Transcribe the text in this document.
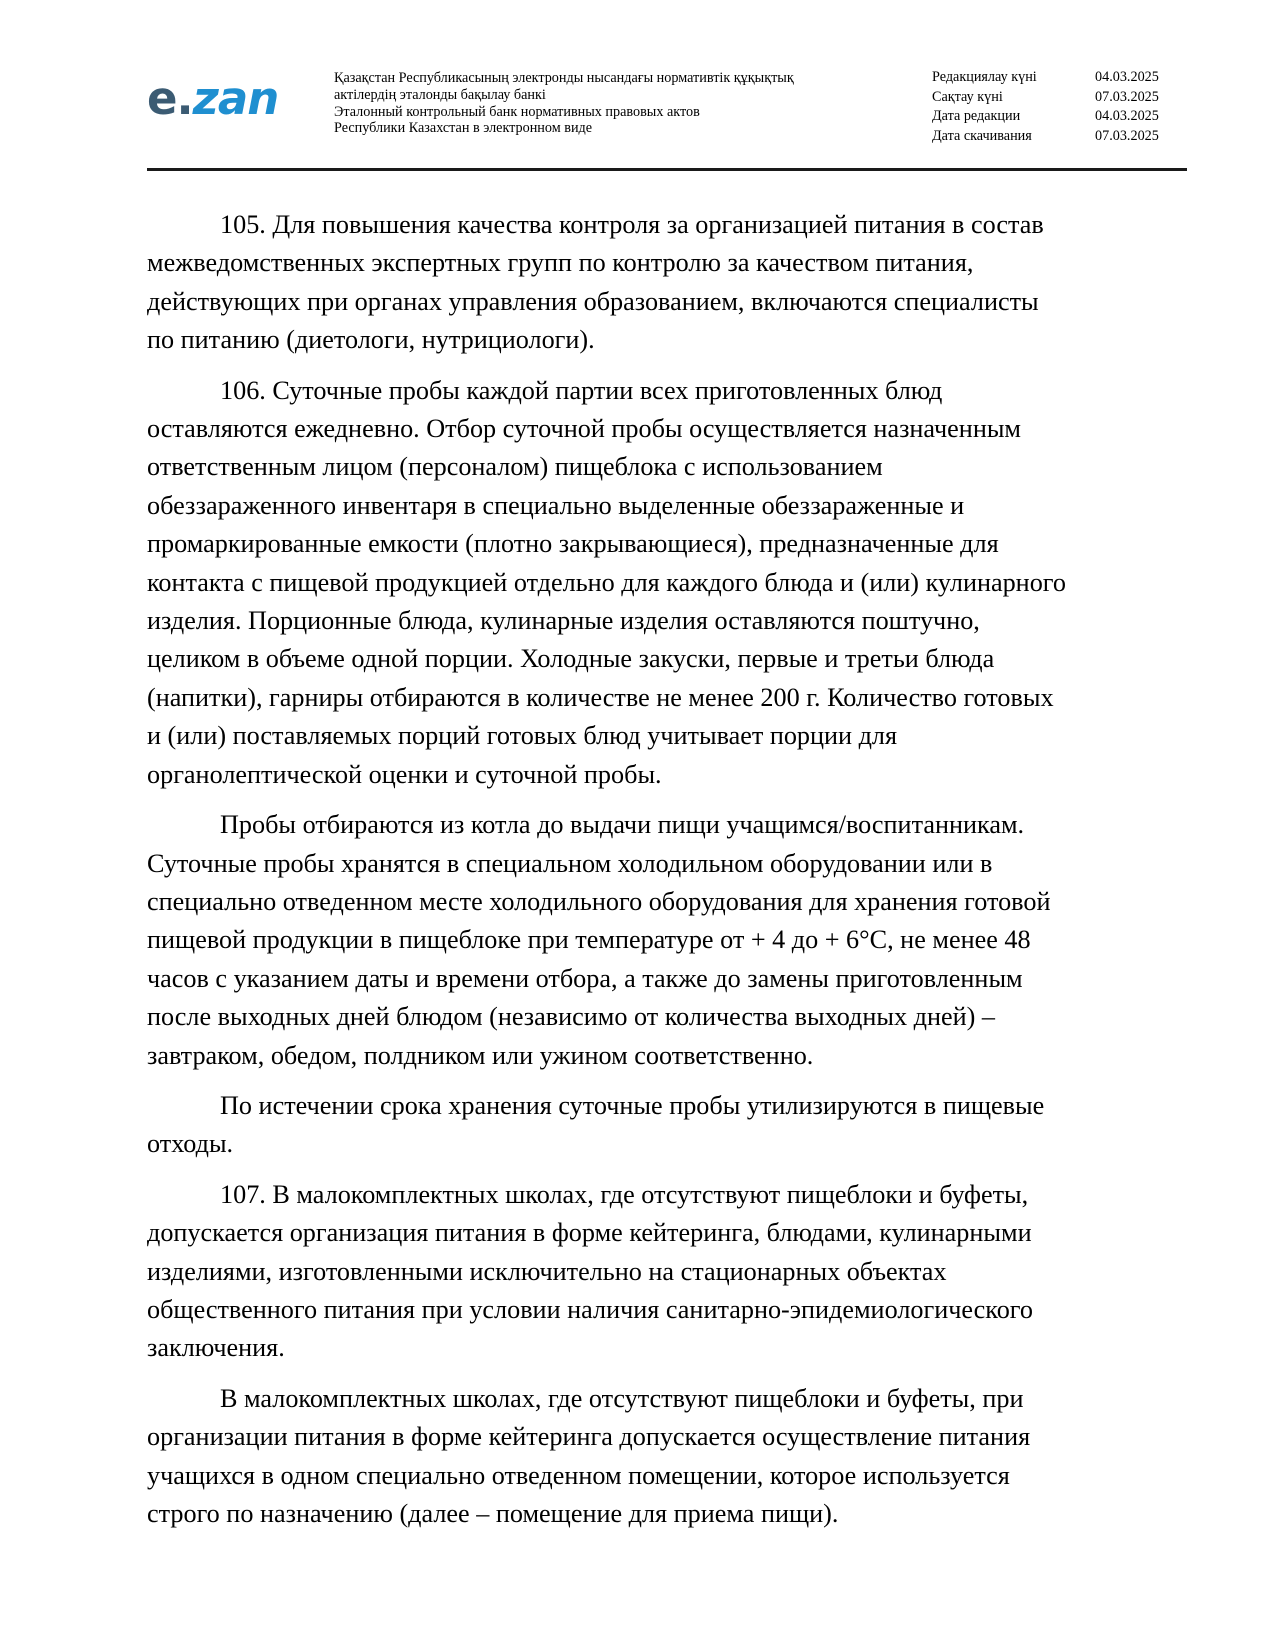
e.zan	Қазақстан Республикасының электронды нысандағы нормативтік құқықтық
актілердің эталонды бақылау банкі
Эталонный контрольный банк нормативных правовых актов
Республики Казахстан в электронном виде
Редакциялау күні	04.03.2025
Сақтау күні	07.03.2025
Дата редакции	04.03.2025
Дата скачивания	07.03.2025

105. Для повышения качества контроля за организацией питания в состав
межведомственных экспертных групп по контролю за качеством питания,
действующих при органах управления образованием, включаются специалисты
по питанию (диетологи, нутрициологи).

106. Суточные пробы каждой партии всех приготовленных блюд
оставляются ежедневно. Отбор суточной пробы осуществляется назначенным
ответственным лицом (персоналом) пищеблока с использованием
обеззараженного инвентаря в специально выделенные обеззараженные и
промаркированные емкости (плотно закрывающиеся), предназначенные для
контакта с пищевой продукцией отдельно для каждого блюда и (или) кулинарного
изделия. Порционные блюда, кулинарные изделия оставляются поштучно,
целиком в объеме одной порции. Холодные закуски, первые и третьи блюда
(напитки), гарниры отбираются в количестве не менее 200 г. Количество готовых
и (или) поставляемых порций готовых блюд учитывает порции для
органолептической оценки и суточной пробы.

Пробы отбираются из котла до выдачи пищи учащимся/воспитанникам.
Суточные пробы хранятся в специальном холодильном оборудовании или в
специально отведенном месте холодильного оборудования для хранения готовой
пищевой продукции в пищеблоке при температуре от + 4 до + 6°С, не менее 48
часов с указанием даты и времени отбора, а также до замены приготовленным
после выходных дней блюдом (независимо от количества выходных дней) –
завтраком, обедом, полдником или ужином соответственно.

По истечении срока хранения суточные пробы утилизируются в пищевые
отходы.

107. В малокомплектных школах, где отсутствуют пищеблоки и буфеты,
допускается организация питания в форме кейтеринга, блюдами, кулинарными
изделиями, изготовленными исключительно на стационарных объектах
общественного питания при условии наличия санитарно-эпидемиологического
заключения.

В малокомплектных школах, где отсутствуют пищеблоки и буфеты, при
организации питания в форме кейтеринга допускается осуществление питания
учащихся в одном специально отведенном помещении, которое используется
строго по назначению (далее – помещение для приема пищи).
